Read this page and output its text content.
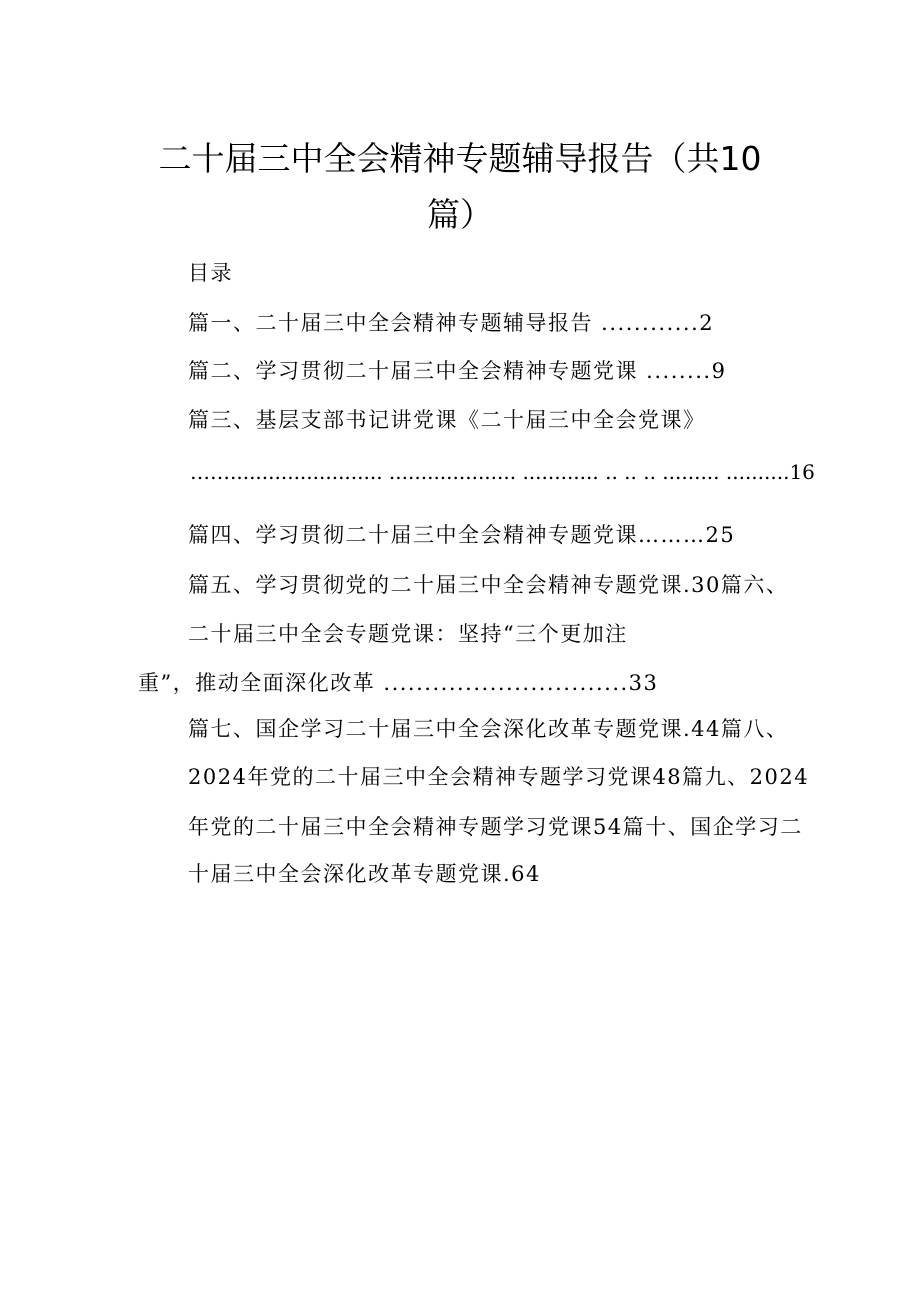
二十届三中全会精神专题辅导报告（共10
篇）
目录
篇一、二十届三中全会精神专题辅导报告 ............2
篇二、学习贯彻二十届三中全会精神专题党课 ........9
篇三、基层支部书记讲党课《二十届三中全会党课》
……........................ .................... ............ .. .. .. ......... ..........16
篇四、学习贯彻二十届三中全会精神专题党课………25
篇五、学习贯彻党的二十届三中全会精神专题党课.30篇六、
二十届三中全会专题党课：坚持“三个更加注
重”，推动全面深化改革 ..............................33
篇七、国企学习二十届三中全会深化改革专题党课.44篇八、
2024年党的二十届三中全会精神专题学习党课48篇九、2024
年党的二十届三中全会精神专题学习党课54篇十、国企学习二
十届三中全会深化改革专题党课.64
